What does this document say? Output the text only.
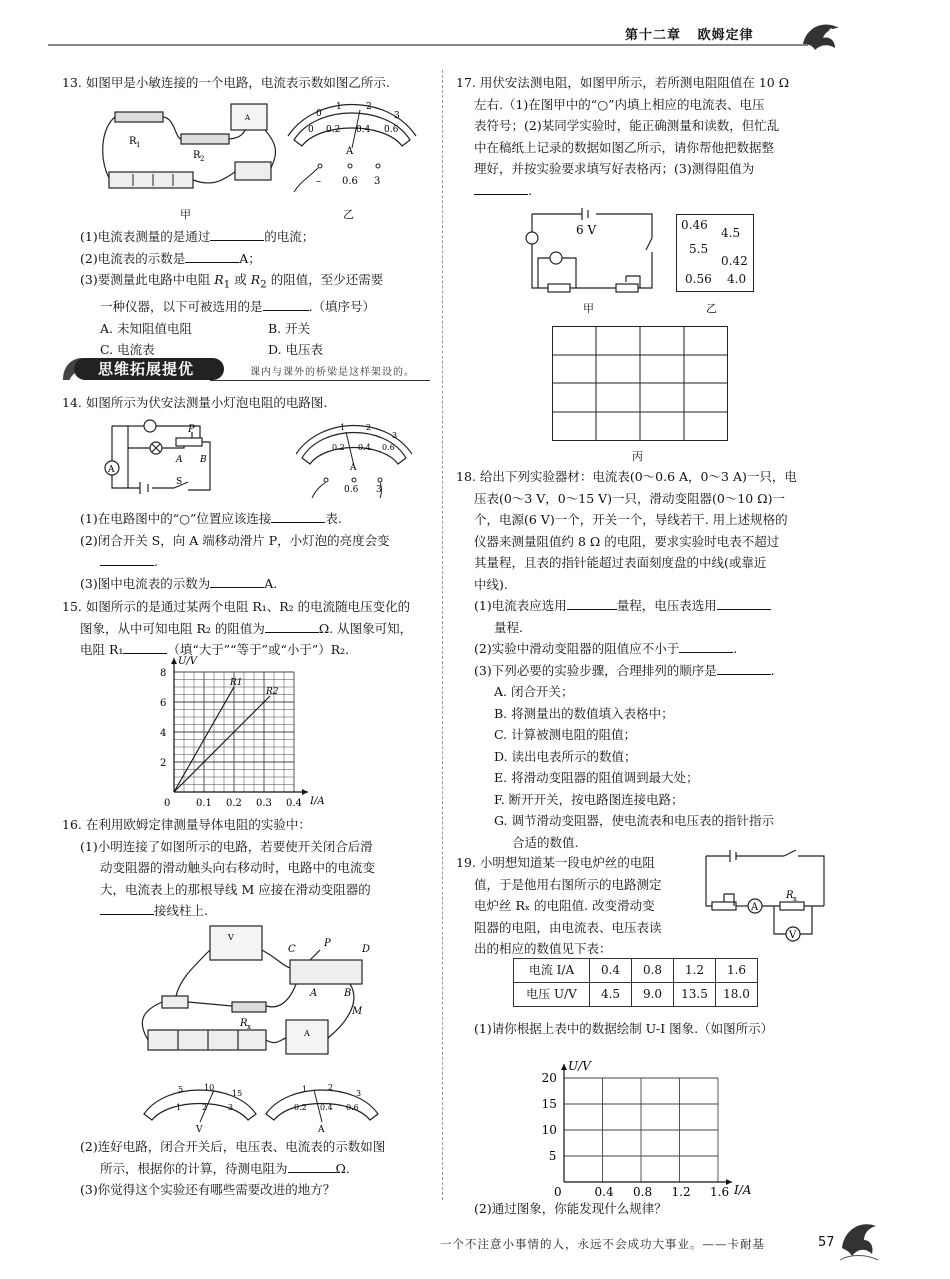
第十二章 欧姆定律
13. 如图甲是小敏连接的一个电路，电流表示数如图乙所示.
R 1
R 2
A
甲
0
1	2
3
0 0.2 0.4 0.6
A
– 0.6 3
乙
(1)电流表测量的是通过	的电流；
(2)电流表的示数是	A；
(3)要测量此电路中电阻 $R_1$ 或 $R_2$ 的阻值，至少还需要
一种仪器，以下可被选用的是	.（填序号）
A. 未知阻值电阻	B. 开关
C. 电流表	D. 电压表
思维拓展提优	课内与课外的桥梁是这样架设的。
14. 如图所示为伏安法测量小灯泡电阻的电路图.
P
A B
S
A
1	2
3
0.2 0.4 0.6
A
0.6 3
(1)在电路图中的“○”位置应该连接	表.
(2)闭合开关 S，向 A 端移动滑片 P，小灯泡的亮度会变
.
(3)图中电流表的示数为	A.
15. 如图所示的是通过某两个电阻 R₁、R₂ 的电流随电压变化的
图象，从中可知电阻 R₂ 的阻值为	Ω. 从图象可知，
电阻 R₁	（填“大于”“等于”或“小于”）R₂.
0.1 0.2 0.3 0.4
2
4
6
8
0	I/A
U/V
R1
R2
16. 在利用欧姆定律测量导体电阻的实验中：
(1)小明连接了如图所示的电路，若要使开关闭合后滑
动变阻器的滑动触头向右移动时，电路中的电流变
大，电流表上的那根导线 M 应接在滑动变阻器的
接线柱上.
V
A
C
P
D
A	B
M
R x
5	10
15
1	2	3
V
1	2
3
0.2 0.4 0.6
A
(2)连好电路，闭合开关后，电压表、电流表的示数如图
所示，根据你的计算，待测电阻为	Ω.
(3)你觉得这个实验还有哪些需要改进的地方？
17. 用伏安法测电阻，如图甲所示，若所测电阻阻值在 10 Ω
左右.（1)在图甲中的“○”内填上相应的电流表、电压
表符号；(2)某同学实验时，能正确测量和读数，但忙乱
中在稿纸上记录的数据如图乙所示，请你帮他把数据整
理好，并按实验要求填写好表格丙；(3)测得阻值为
.
6 V
甲
0.46
4.5
5.5
0.42
0.56 4.0
乙
丙
18. 给出下列实验器材：电流表(0～0.6 A，0～3 A)一只，电
压表(0～3 V，0～15 V)一只，滑动变阻器(0～10 Ω)一
个，电源(6 V)一个，开关一个，导线若干. 用上述规格的
仪器来测量阻值约 8 Ω 的电阻，要求实验时电表不超过
其量程，且表的指针能超过表面刻度盘的中线(或靠近
中线).
(1)电流表应选用	量程，电压表选用
量程.
(2)实验中滑动变阻器的阻值应不小于	.
(3)下列必要的实验步骤，合理排列的顺序是	.
A. 闭合开关；
B. 将测量出的数值填入表格中；
C. 计算被测电阻的阻值；
D. 读出电表所示的数值；
E. 将滑动变阻器的阻值调到最大处；
F. 断开开关，按电路图连接电路；
G. 调节滑动变阻器，使电流表和电压表的指针指示
合适的数值.
19. 小明想知道某一段电炉丝的电阻
值，于是他用右图所示的电路测定
电炉丝 Rₓ 的电阻值. 改变滑动变
阻器的电阻，由电流表、电压表读
出的相应的数值见下表：
A
V
R x
电流 I/A	0.4	0.8	1.2	1.6
电压 U/V	4.5	9.0	13.5	18.0
(1)请你根据上表中的数据绘制 U-I 图象.（如图所示）
0.4 0.8 1.2 1.6
5
10
15
20
0	I/A
U/V
(2)通过图象，你能发现什么规律？
一个不注意小事情的人，永远不会成功大事业。——卡耐基	57
